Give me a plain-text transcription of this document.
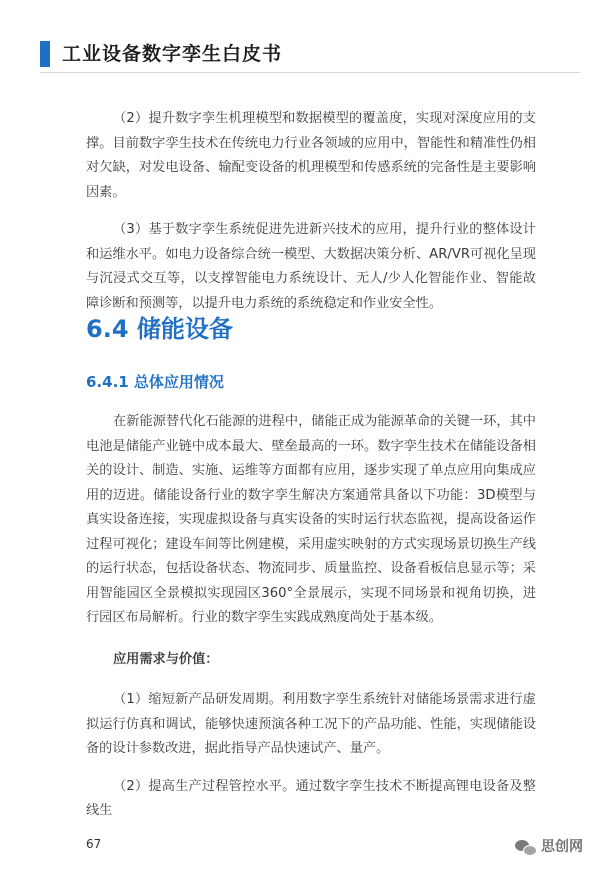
工业设备数字孪生白皮书

（2）提升数字孪生机理模型和数据模型的覆盖度，实现对深度应用的支撑。目前数字孪生技术在传统电力行业各领域的应用中，智能性和精准性仍相对欠缺，对发电设备、输配变设备的机理模型和传感系统的完备性是主要影响因素。

（3）基于数字孪生系统促进先进新兴技术的应用，提升行业的整体设计和运维水平。如电力设备综合统一模型、大数据决策分析、AR/VR可视化呈现与沉浸式交互等，以支撑智能电力系统设计、无人/少人化智能作业、智能故障诊断和预测等，以提升电力系统的系统稳定和作业安全性。

6.4 储能设备
6.4.1 总体应用情况

在新能源替代化石能源的进程中，储能正成为能源革命的关键一环，其中电池是储能产业链中成本最大、壁垒最高的一环。数字孪生技术在储能设备相关的设计、制造、实施、运维等方面都有应用，逐步实现了单点应用向集成应用的迈进。储能设备行业的数字孪生解决方案通常具备以下功能：3D模型与真实设备连接，实现虚拟设备与真实设备的实时运行状态监视，提高设备运作过程可视化；建设车间等比例建模，采用虚实映射的方式实现场景切换生产线的运行状态，包括设备状态、物流同步、质量监控、设备看板信息显示等；采用智能园区全景模拟实现园区360°全景展示，实现不同场景和视角切换，进行园区布局解析。行业的数字孪生实践成熟度尚处于基本级。

应用需求与价值：

（1）缩短新产品研发周期。利用数字孪生系统针对储能场景需求进行虚拟运行仿真和调试，能够快速预演各种工况下的产品功能、性能，实现储能设备的设计参数改进，据此指导产品快速试产、量产。

（2）提高生产过程管控水平。通过数字孪生技术不断提高锂电设备及整线生

67	思创网
